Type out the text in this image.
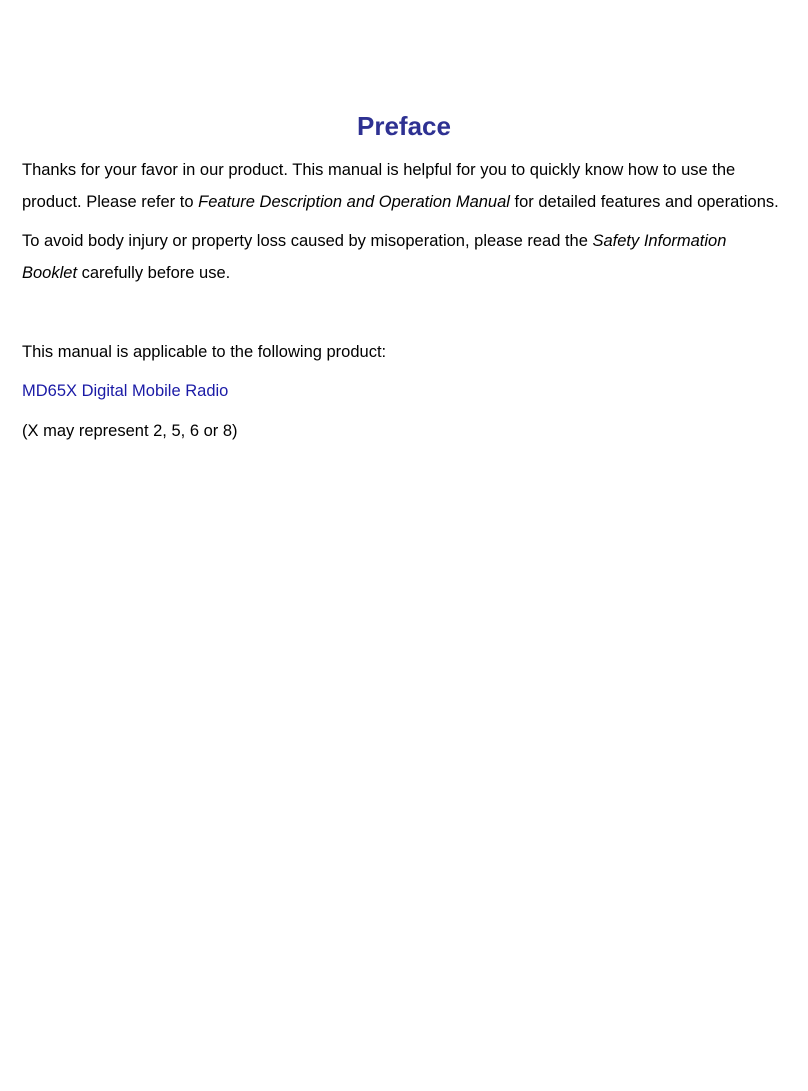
Preface
Thanks for your favor in our product. This manual is helpful for you to quickly know how to use the
product. Please refer to Feature Description and Operation Manual for detailed features and operations.
To avoid body injury or property loss caused by misoperation, please read the Safety Information
Booklet carefully before use.
This manual is applicable to the following product:
MD65X Digital Mobile Radio
(X may represent 2, 5, 6 or 8)
